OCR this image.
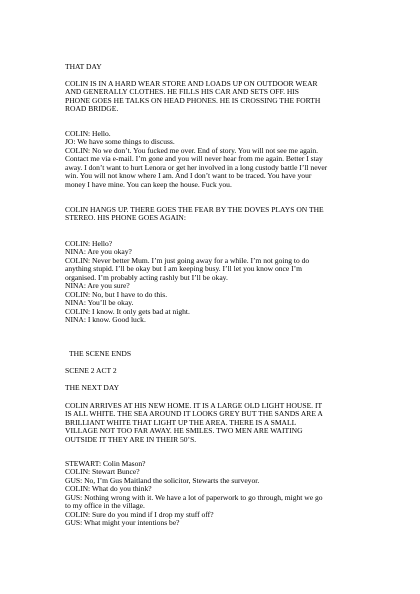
THAT DAY
COLIN IS IN A HARD WEAR STORE AND LOADS UP ON OUTDOOR WEAR
AND GENERALLY CLOTHES. HE FILLS HIS CAR AND SETS OFF. HIS
PHONE GOES HE TALKS ON HEAD PHONES. HE IS CROSSING THE FORTH
ROAD BRIDGE.
COLIN: Hello.
JO: We have some things to discuss.
COLIN: No we don’t. You fucked me over. End of story. You will not see me again.
Contact me via e-mail. I’m gone and you will never hear from me again. Better I stay
away. I don’t want to hurt Lenora or get her involved in a long custody battle I’ll never
win. You will not know where I am. And I don’t want to be traced. You have your
money I have mine. You can keep the house. Fuck you.
COLIN HANGS UP. THERE GOES THE FEAR BY THE DOVES PLAYS ON THE
STEREO. HIS PHONE GOES AGAIN:
COLIN: Hello?
NINA: Are you okay?
COLIN: Never better Mum. I’m just going away for a while. I’m not going to do
anything stupid. I’ll be okay but I am keeping busy. I’ll let you know once I’m
organised. I’m probably acting rashly but I’ll be okay.
NINA: Are you sure?
COLIN: No, but I have to do this.
NINA: You’ll be okay.
COLIN: I know. It only gets bad at night.
NINA: I know. Good luck.
THE SCENE ENDS
SCENE 2 ACT 2
THE NEXT DAY
COLIN ARRIVES AT HIS NEW HOME. IT IS A LARGE OLD LIGHT HOUSE. IT
IS ALL WHITE. THE SEA AROUND IT LOOKS GREY BUT THE SANDS ARE A
BRILLIANT WHITE THAT LIGHT UP THE AREA. THERE IS A SMALL
VILLAGE NOT TOO FAR AWAY. HE SMILES. TWO MEN ARE WAITING
OUTSIDE IT THEY ARE IN THEIR 50’S.
STEWART: Colin Mason?
COLIN: Stewart Bunce?
GUS: No, I’m Gus Maitland the solicitor, Stewarts the surveyor.
COLIN: What do you think?
GUS: Nothing wrong with it. We have a lot of paperwork to go through, might we go
to my office in the village.
COLIN: Sure do you mind if I drop my stuff off?
GUS: What might your intentions be?
